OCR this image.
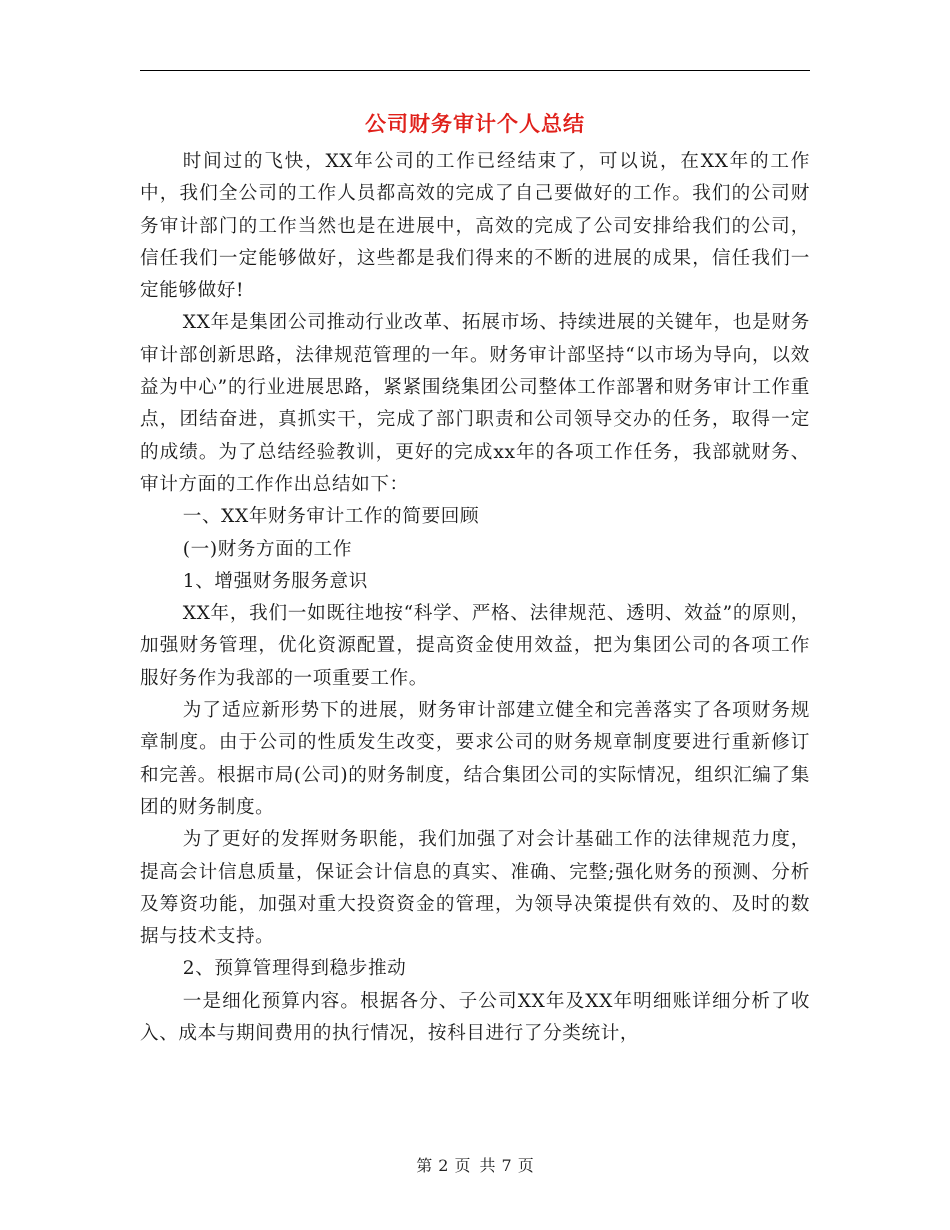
公司财务审计个人总结

时间过的飞快，XX年公司的工作已经结束了，可以说，在XX年的工作中，我们全公司的工作人员都高效的完成了自己要做好的工作。我们的公司财务审计部门的工作当然也是在进展中，高效的完成了公司安排给我们的公司，信任我们一定能够做好，这些都是我们得来的不断的进展的成果，信任我们一定能够做好!

XX年是集团公司推动行业改革、拓展市场、持续进展的关键年，也是财务审计部创新思路，法律规范管理的一年。财务审计部坚持“以市场为导向，以效益为中心”的行业进展思路，紧紧围绕集团公司整体工作部署和财务审计工作重点，团结奋进，真抓实干，完成了部门职责和公司领导交办的任务，取得一定的成绩。为了总结经验教训，更好的完成xx年的各项工作任务，我部就财务、审计方面的工作作出总结如下：

一、XX年财务审计工作的简要回顾

(一)财务方面的工作

1、增强财务服务意识

XX年，我们一如既往地按“科学、严格、法律规范、透明、效益”的原则，加强财务管理，优化资源配置，提高资金使用效益，把为集团公司的各项工作服好务作为我部的一项重要工作。

为了适应新形势下的进展，财务审计部建立健全和完善落实了各项财务规章制度。由于公司的性质发生改变，要求公司的财务规章制度要进行重新修订和完善。根据市局(公司)的财务制度，结合集团公司的实际情况，组织汇编了集团的财务制度。

为了更好的发挥财务职能，我们加强了对会计基础工作的法律规范力度，提高会计信息质量，保证会计信息的真实、准确、完整;强化财务的预测、分析及筹资功能，加强对重大投资资金的管理，为领导决策提供有效的、及时的数据与技术支持。

2、预算管理得到稳步推动

一是细化预算内容。根据各分、子公司XX年及XX年明细账详细分析了收入、成本与期间费用的执行情况，按科目进行了分类统计，

第 2 页 共 7 页
